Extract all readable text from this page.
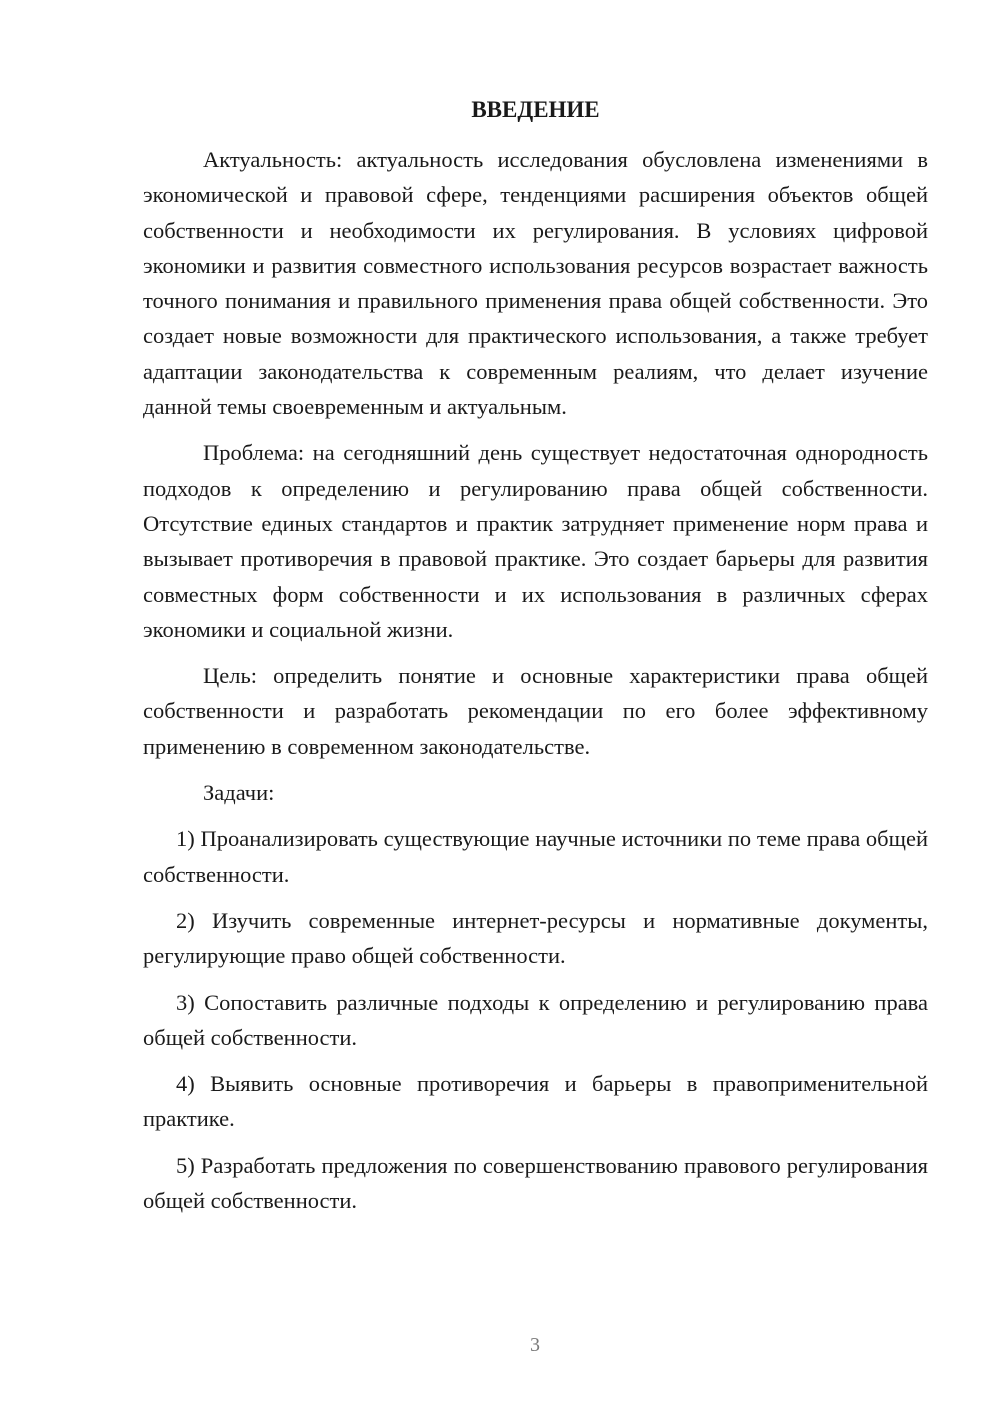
ВВЕДЕНИЕ

Актуальность: актуальность исследования обусловлена изменениями в экономической и правовой сфере, тенденциями расширения объектов общей собственности и необходимости их регулирования. В условиях цифровой экономики и развития совместного использования ресурсов возрастает важность точного понимания и правильного применения права общей собственности. Это создает новые возможности для практического использования, а также требует адаптации законодательства к современным реалиям, что делает изучение данной темы своевременным и актуальным.

Проблема: на сегодняшний день существует недостаточная однородность подходов к определению и регулированию права общей собственности. Отсутствие единых стандартов и практик затрудняет применение норм права и вызывает противоречия в правовой практике. Это создает барьеры для развития совместных форм собственности и их использования в различных сферах экономики и социальной жизни.

Цель: определить понятие и основные характеристики права общей собственности и разработать рекомендации по его более эффективному применению в современном законодательстве.

Задачи:

1) Проанализировать существующие научные источники по теме права общей собственности.

2) Изучить современные интернет-ресурсы и нормативные документы, регулирующие право общей собственности.

3) Сопоставить различные подходы к определению и регулированию права общей собственности.

4) Выявить основные противоречия и барьеры в правоприменительной практике.

5) Разработать предложения по совершенствованию правового регулирования общей собственности.

3
